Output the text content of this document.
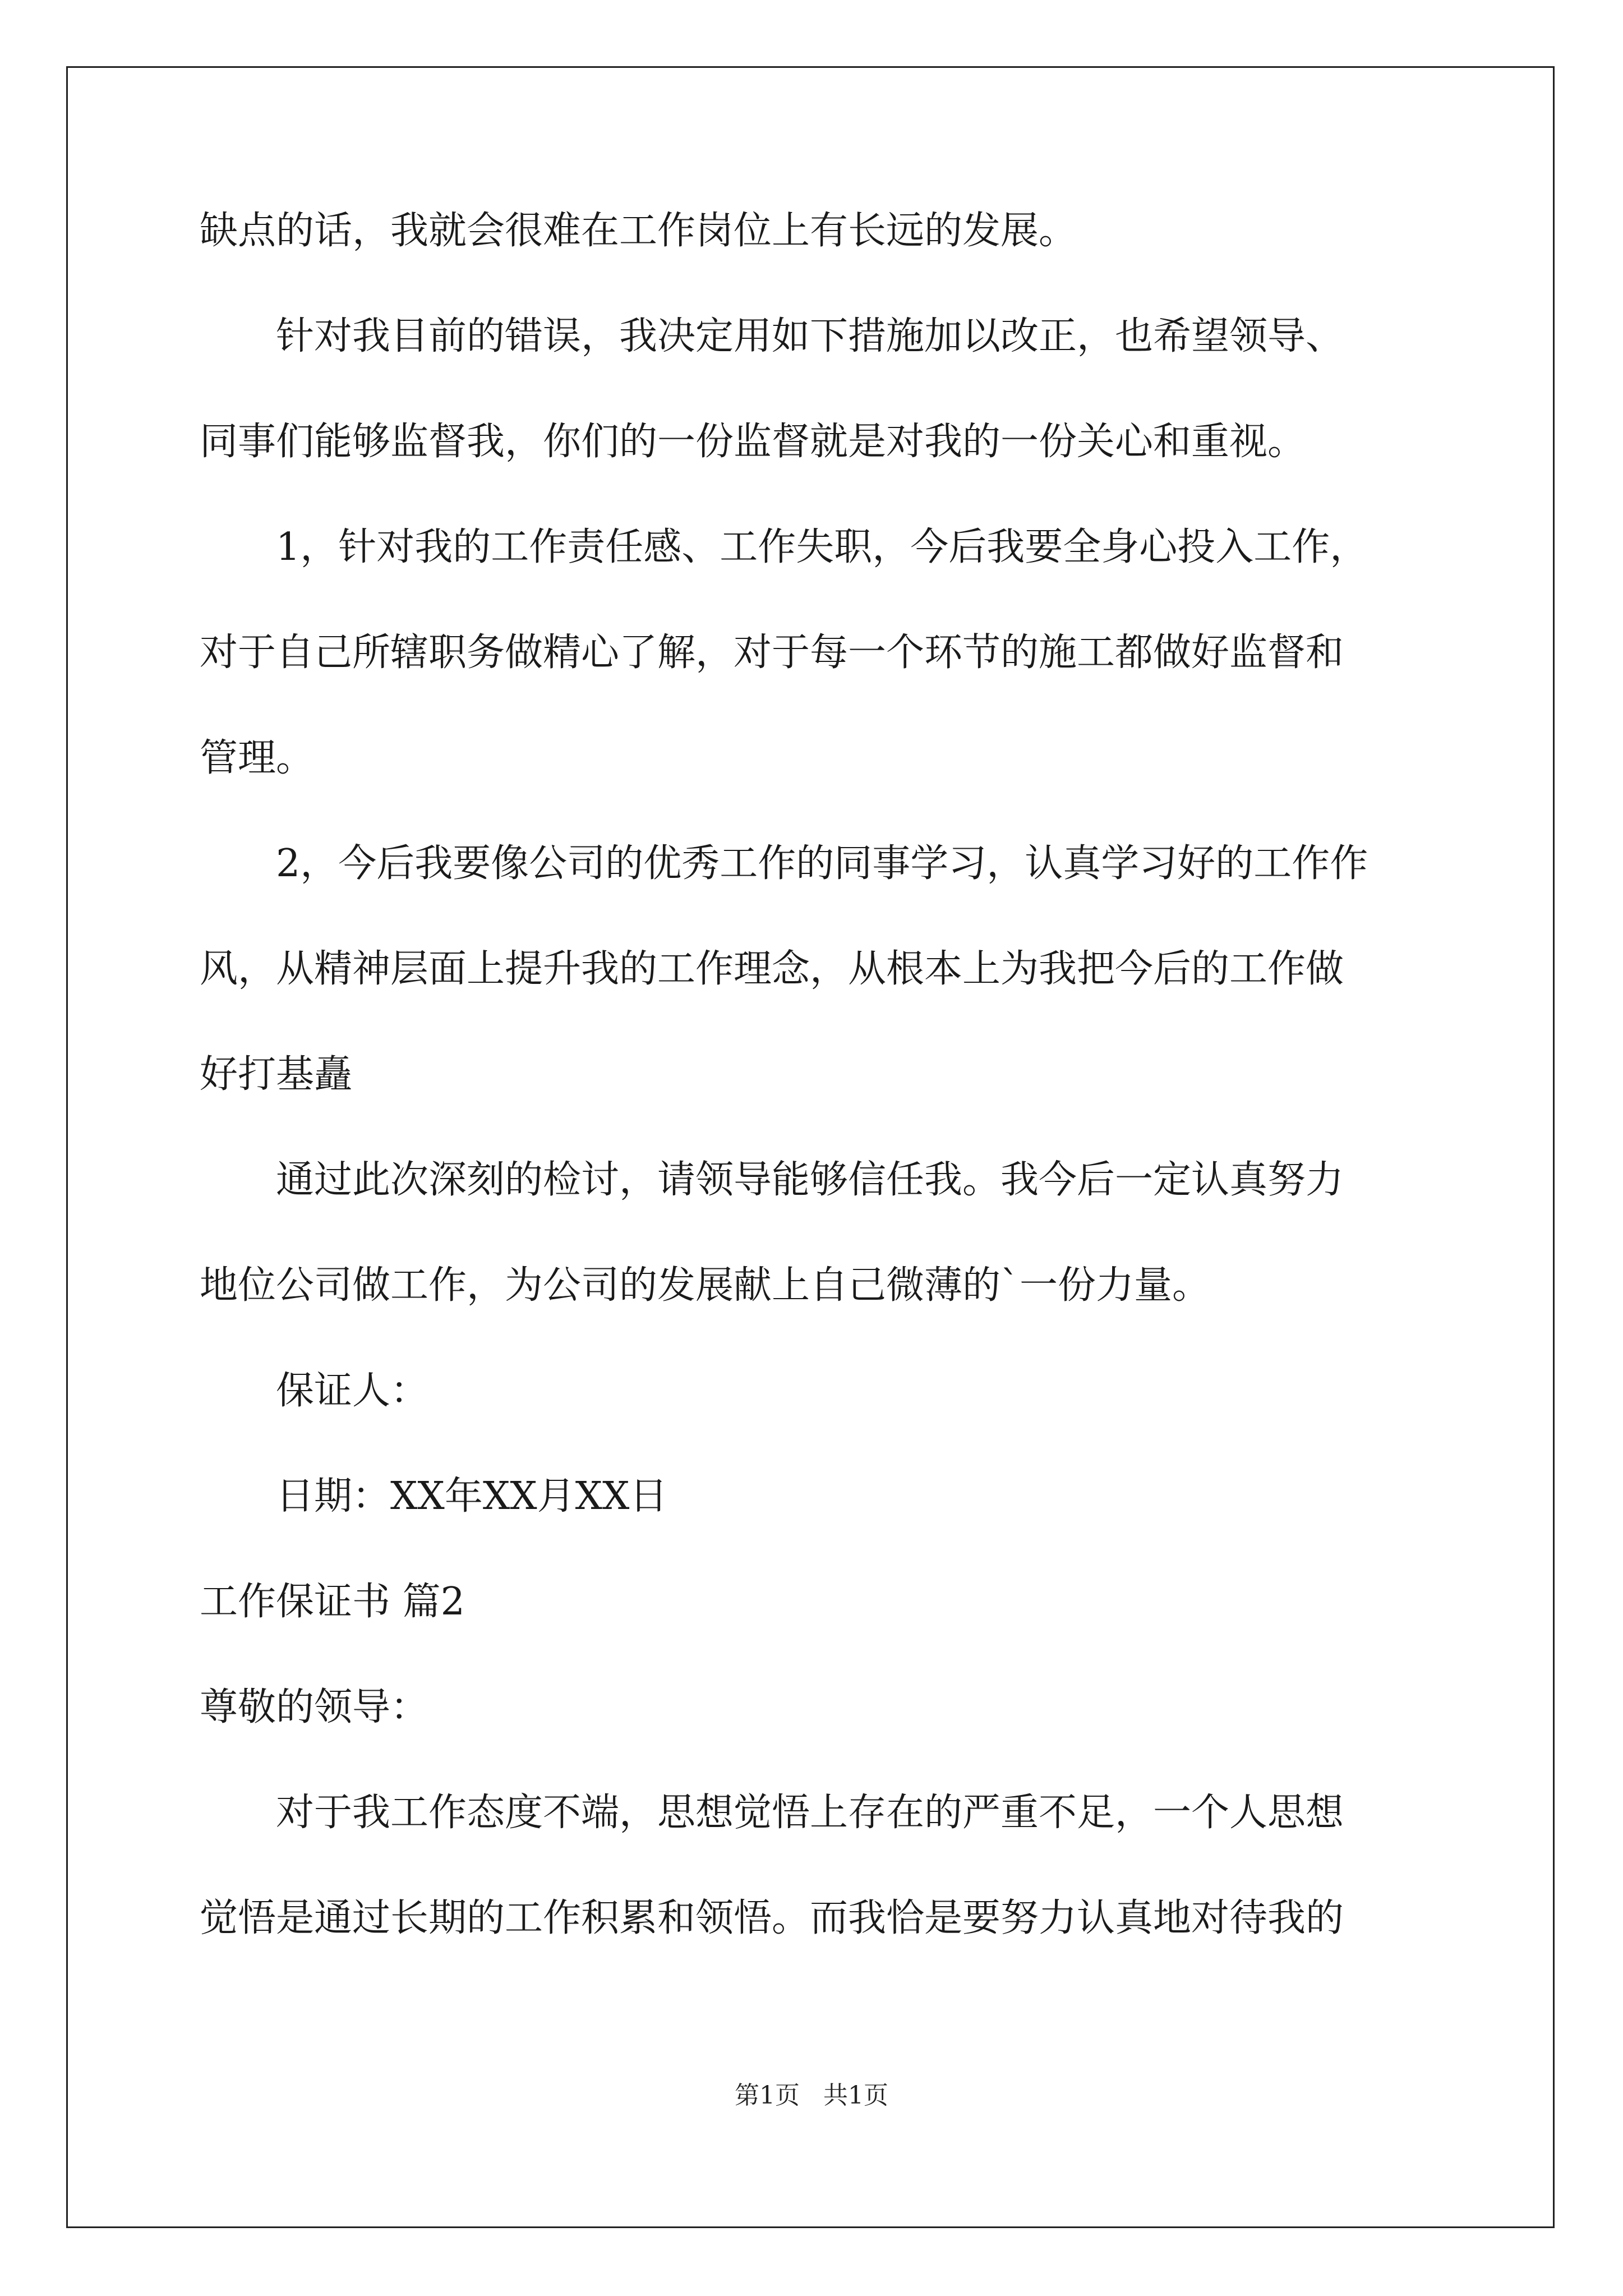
缺点的话，我就会很难在工作岗位上有长远的发展。
针对我目前的错误，我决定用如下措施加以改正，也希望领导、
同事们能够监督我，你们的一份监督就是对我的一份关心和重视。
1，针对我的工作责任感、工作失职，今后我要全身心投入工作，
对于自己所辖职务做精心了解，对于每一个环节的施工都做好监督和
管理。
2，今后我要像公司的优秀工作的同事学习，认真学习好的工作作
风，从精神层面上提升我的工作理念，从根本上为我把今后的工作做
好打基矗
通过此次深刻的检讨，请领导能够信任我。我今后一定认真努力
地位公司做工作，为公司的发展献上自己微薄的`一份力量。
保证人：
日期：XX年XX月XX日
工作保证书 篇2
尊敬的领导：
对于我工作态度不端，思想觉悟上存在的严重不足，一个人思想
觉悟是通过长期的工作积累和领悟。而我恰是要努力认真地对待我的
第1页 共1页
